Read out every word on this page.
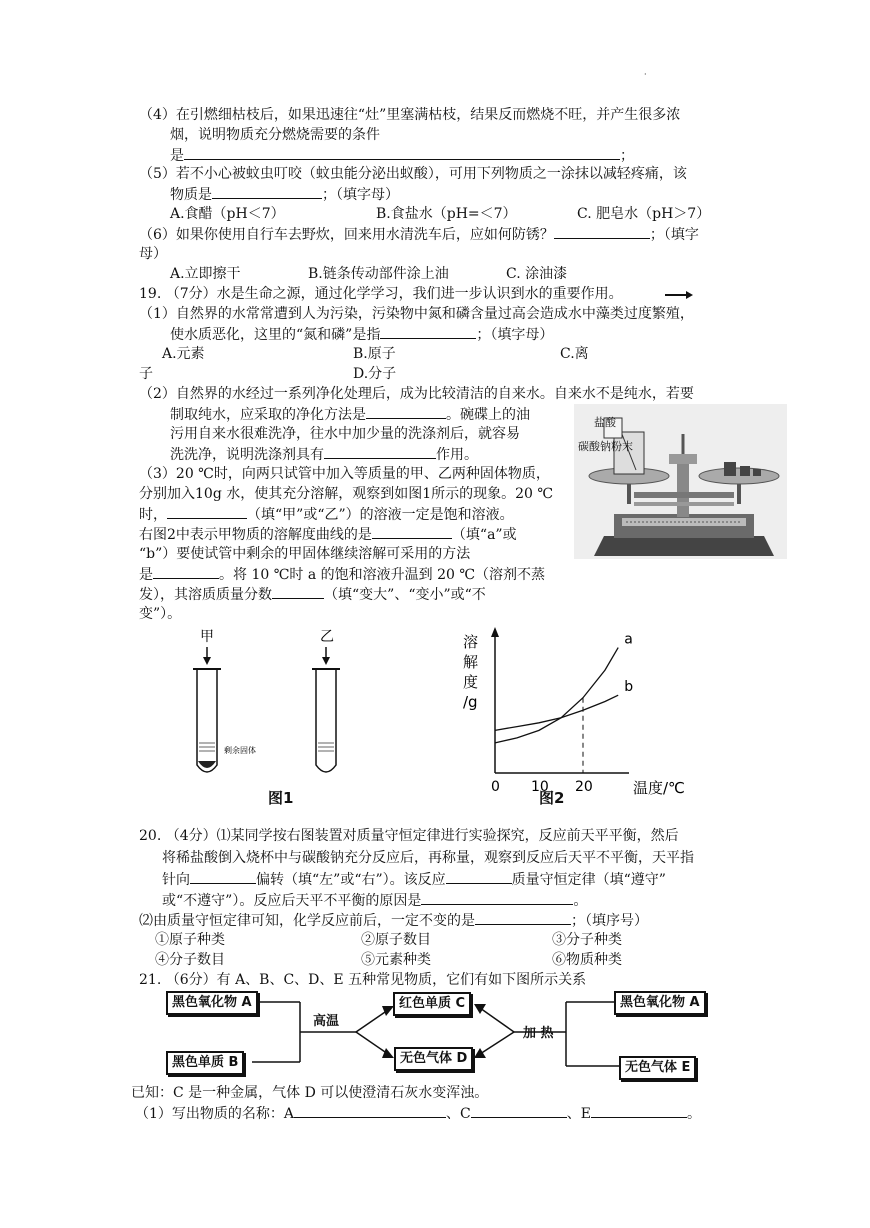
·
（4）在引燃细枯枝后，如果迅速往“灶”里塞满枯枝，结果反而燃烧不旺，并产生很多浓
烟，说明物质充分燃烧需要的条件
是	；
（5）若不小心被蚊虫叮咬（蚊虫能分泌出蚁酸），可用下列物质之一涂抹以减轻疼痛，该
物质是	；（填字母）
A.食醋（pH＜7）	B.食盐水（pH=＜7）	C. 肥皂水（pH＞7）
（6）如果你使用自行车去野炊，回来用水清洗车后，应如何防锈？	；（填字
母）
A.立即擦干	B.链条传动部件涂上油	C. 涂油漆
19. （7分）水是生命之源，通过化学学习，我们进一步认识到水的重要作用。
（1）自然界的水常常遭到人为污染，污染物中氮和磷含量过高会造成水中藻类过度繁殖，
使水质恶化，这里的“氮和磷”是指	；（填字母）
A.元素	B.原子	C.离
子	D.分子
（2）自然界的水经过一系列净化处理后，成为比较清洁的自来水。自来水不是纯水，若要
制取纯水，应采取的净化方法是	。碗碟上的油
污用自来水很难洗净，往水中加少量的洗涤剂后，就容易
洗洗净，说明洗涤剂具有	作用。
（3）20 ℃时，向两只试管中加入等质量的甲、乙两种固体物质，
分别加入10g 水，使其充分溶解，观察到如图1所示的现象。20 ℃
时，	（填“甲”或“乙”）的溶液一定是饱和溶液。
右图2中表示甲物质的溶解度曲线的是	（填“a”或
“b”）要使试管中剩余的甲固体继续溶解可采用的方法
是	。将 10 ℃时 a 的饱和溶液升温到 20 ℃（溶剂不蒸
发），其溶质质量分数	（填“变大”、“变小”或“不
变”）。
盐酸
碳酸钠粉末
甲
剩余固体
乙
图1
溶
解
度
/g
0 10 20
a
b
温度/℃
图2
20. （4分）⑴某同学按右图装置对质量守恒定律进行实验探究，反应前天平平衡，然后
将稀盐酸倒入烧杯中与碳酸钠充分反应后，再称量，观察到反应后天平不平衡，天平指
针向	偏转（填“左”或“右”）。该反应	质量守恒定律（填“遵守”
或“不遵守”）。反应后天平不平衡的原因是	。
⑵由质量守恒定律可知，化学反应前后，一定不变的是	；（填序号）
①原子种类	②原子数目	③分子种类
④分子数目	⑤元素种类	⑥物质种类
21. （6分）有 A、B、C、D、E 五种常见物质，它们有如下图所示关系
黑色氧化物 A
黑色单质 B
高温
红色单质 C
无色气体 D
加 热
黑色氧化物 A
无色气体 E
已知：C 是一种金属，气体 D 可以使澄清石灰水变浑浊。
（1）写出物质的名称：A	、C	、E	。
